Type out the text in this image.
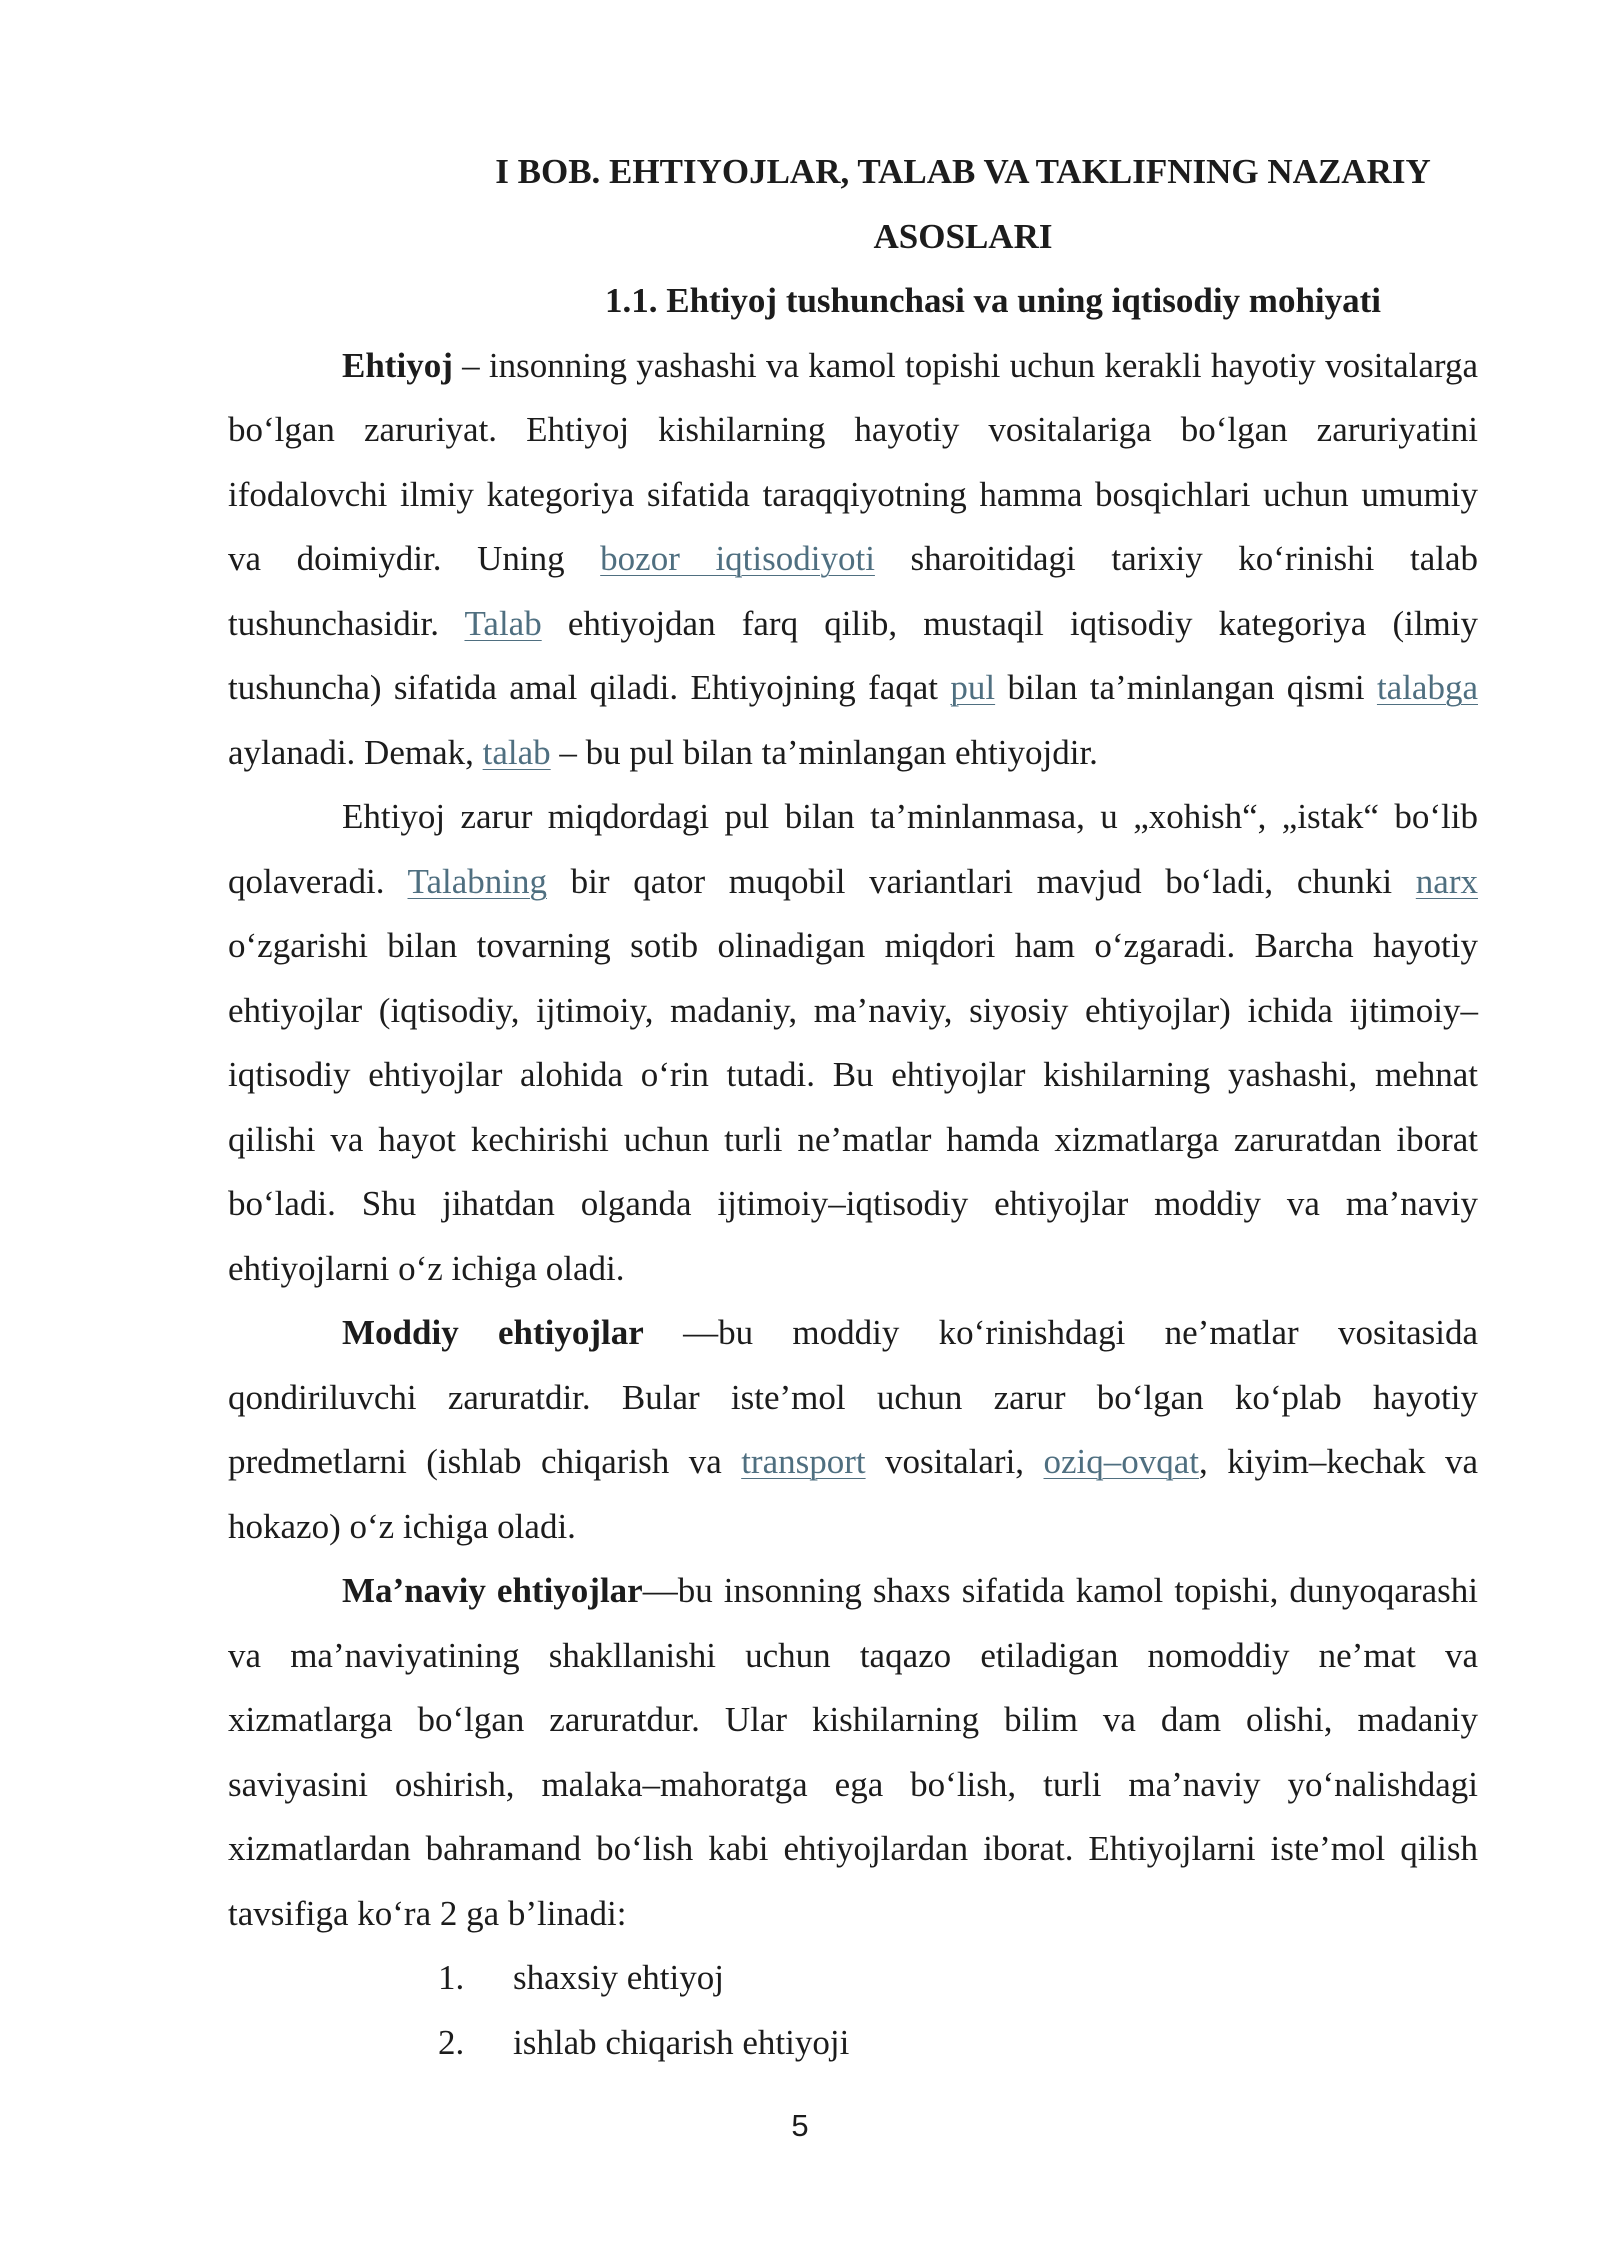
I BOB. EHTIYOJLAR, TALAB VA TAKLIFNING NAZARIY
ASOSLARI
1.1. Ehtiyoj tushunchasi va uning iqtisodiy mohiyati

Ehtiyoj – insonning yashashi va kamol topishi uchun kerakli hayotiy vositalarga bo‘lgan zaruriyat. Ehtiyoj kishilarning hayotiy vositalariga bo‘lgan zaruriyatini ifodalovchi ilmiy kategoriya sifatida taraqqiyotning hamma bosqichlari uchun umumiy va doimiydir. Uning bozor iqtisodiyoti sharoitidagi tarixiy ko‘rinishi talab tushunchasidir. Talab ehtiyojdan farq qilib, mustaqil iqtisodiy kategoriya (ilmiy tushuncha) sifatida amal qiladi. Ehtiyojning faqat pul bilan ta’minlangan qismi talabga aylanadi. Demak, talab – bu pul bilan ta’minlangan ehtiyojdir.

Ehtiyoj zarur miqdordagi pul bilan ta’minlanmasa, u „xohish“, „istak“ bo‘lib qolaveradi. Talabning bir qator muqobil variantlari mavjud bo‘ladi, chunki narx o‘zgarishi bilan tovarning sotib olinadigan miqdori ham o‘zgaradi. Barcha hayotiy ehtiyojlar (iqtisodiy, ijtimoiy, madaniy, ma’naviy, siyosiy ehtiyojlar) ichida ijtimoiy–iqtisodiy ehtiyojlar alohida o‘rin tutadi. Bu ehtiyojlar kishilarning yashashi, mehnat qilishi va hayot kechirishi uchun turli ne’matlar hamda xizmatlarga zaruratdan iborat bo‘ladi. Shu jihatdan olganda ijtimoiy–iqtisodiy ehtiyojlar moddiy va ma’naviy ehtiyojlarni o‘z ichiga oladi.

Moddiy ehtiyojlar —bu moddiy ko‘rinishdagi ne’matlar vositasida qondiriluvchi zaruratdir. Bular iste’mol uchun zarur bo‘lgan ko‘plab hayotiy predmetlarni (ishlab chiqarish va transport vositalari, oziq–ovqat, kiyim–kechak va hokazo) o‘z ichiga oladi.

Ma’naviy ehtiyojlar—bu insonning shaxs sifatida kamol topishi, dunyoqarashi va ma’naviyatining shakllanishi uchun taqazo etiladigan nomoddiy ne’mat va xizmatlarga bo‘lgan zaruratdur. Ular kishilarning bilim va dam olishi, madaniy saviyasini oshirish, malaka–mahoratga ega bo‘lish, turli ma’naviy yo‘nalishdagi xizmatlardan bahramand bo‘lish kabi ehtiyojlardan iborat. Ehtiyojlarni iste’mol qilish tavsifiga ko‘ra 2 ga b’linadi:

1.	shaxsiy ehtiyoj
2.	ishlab chiqarish ehtiyoji
5
